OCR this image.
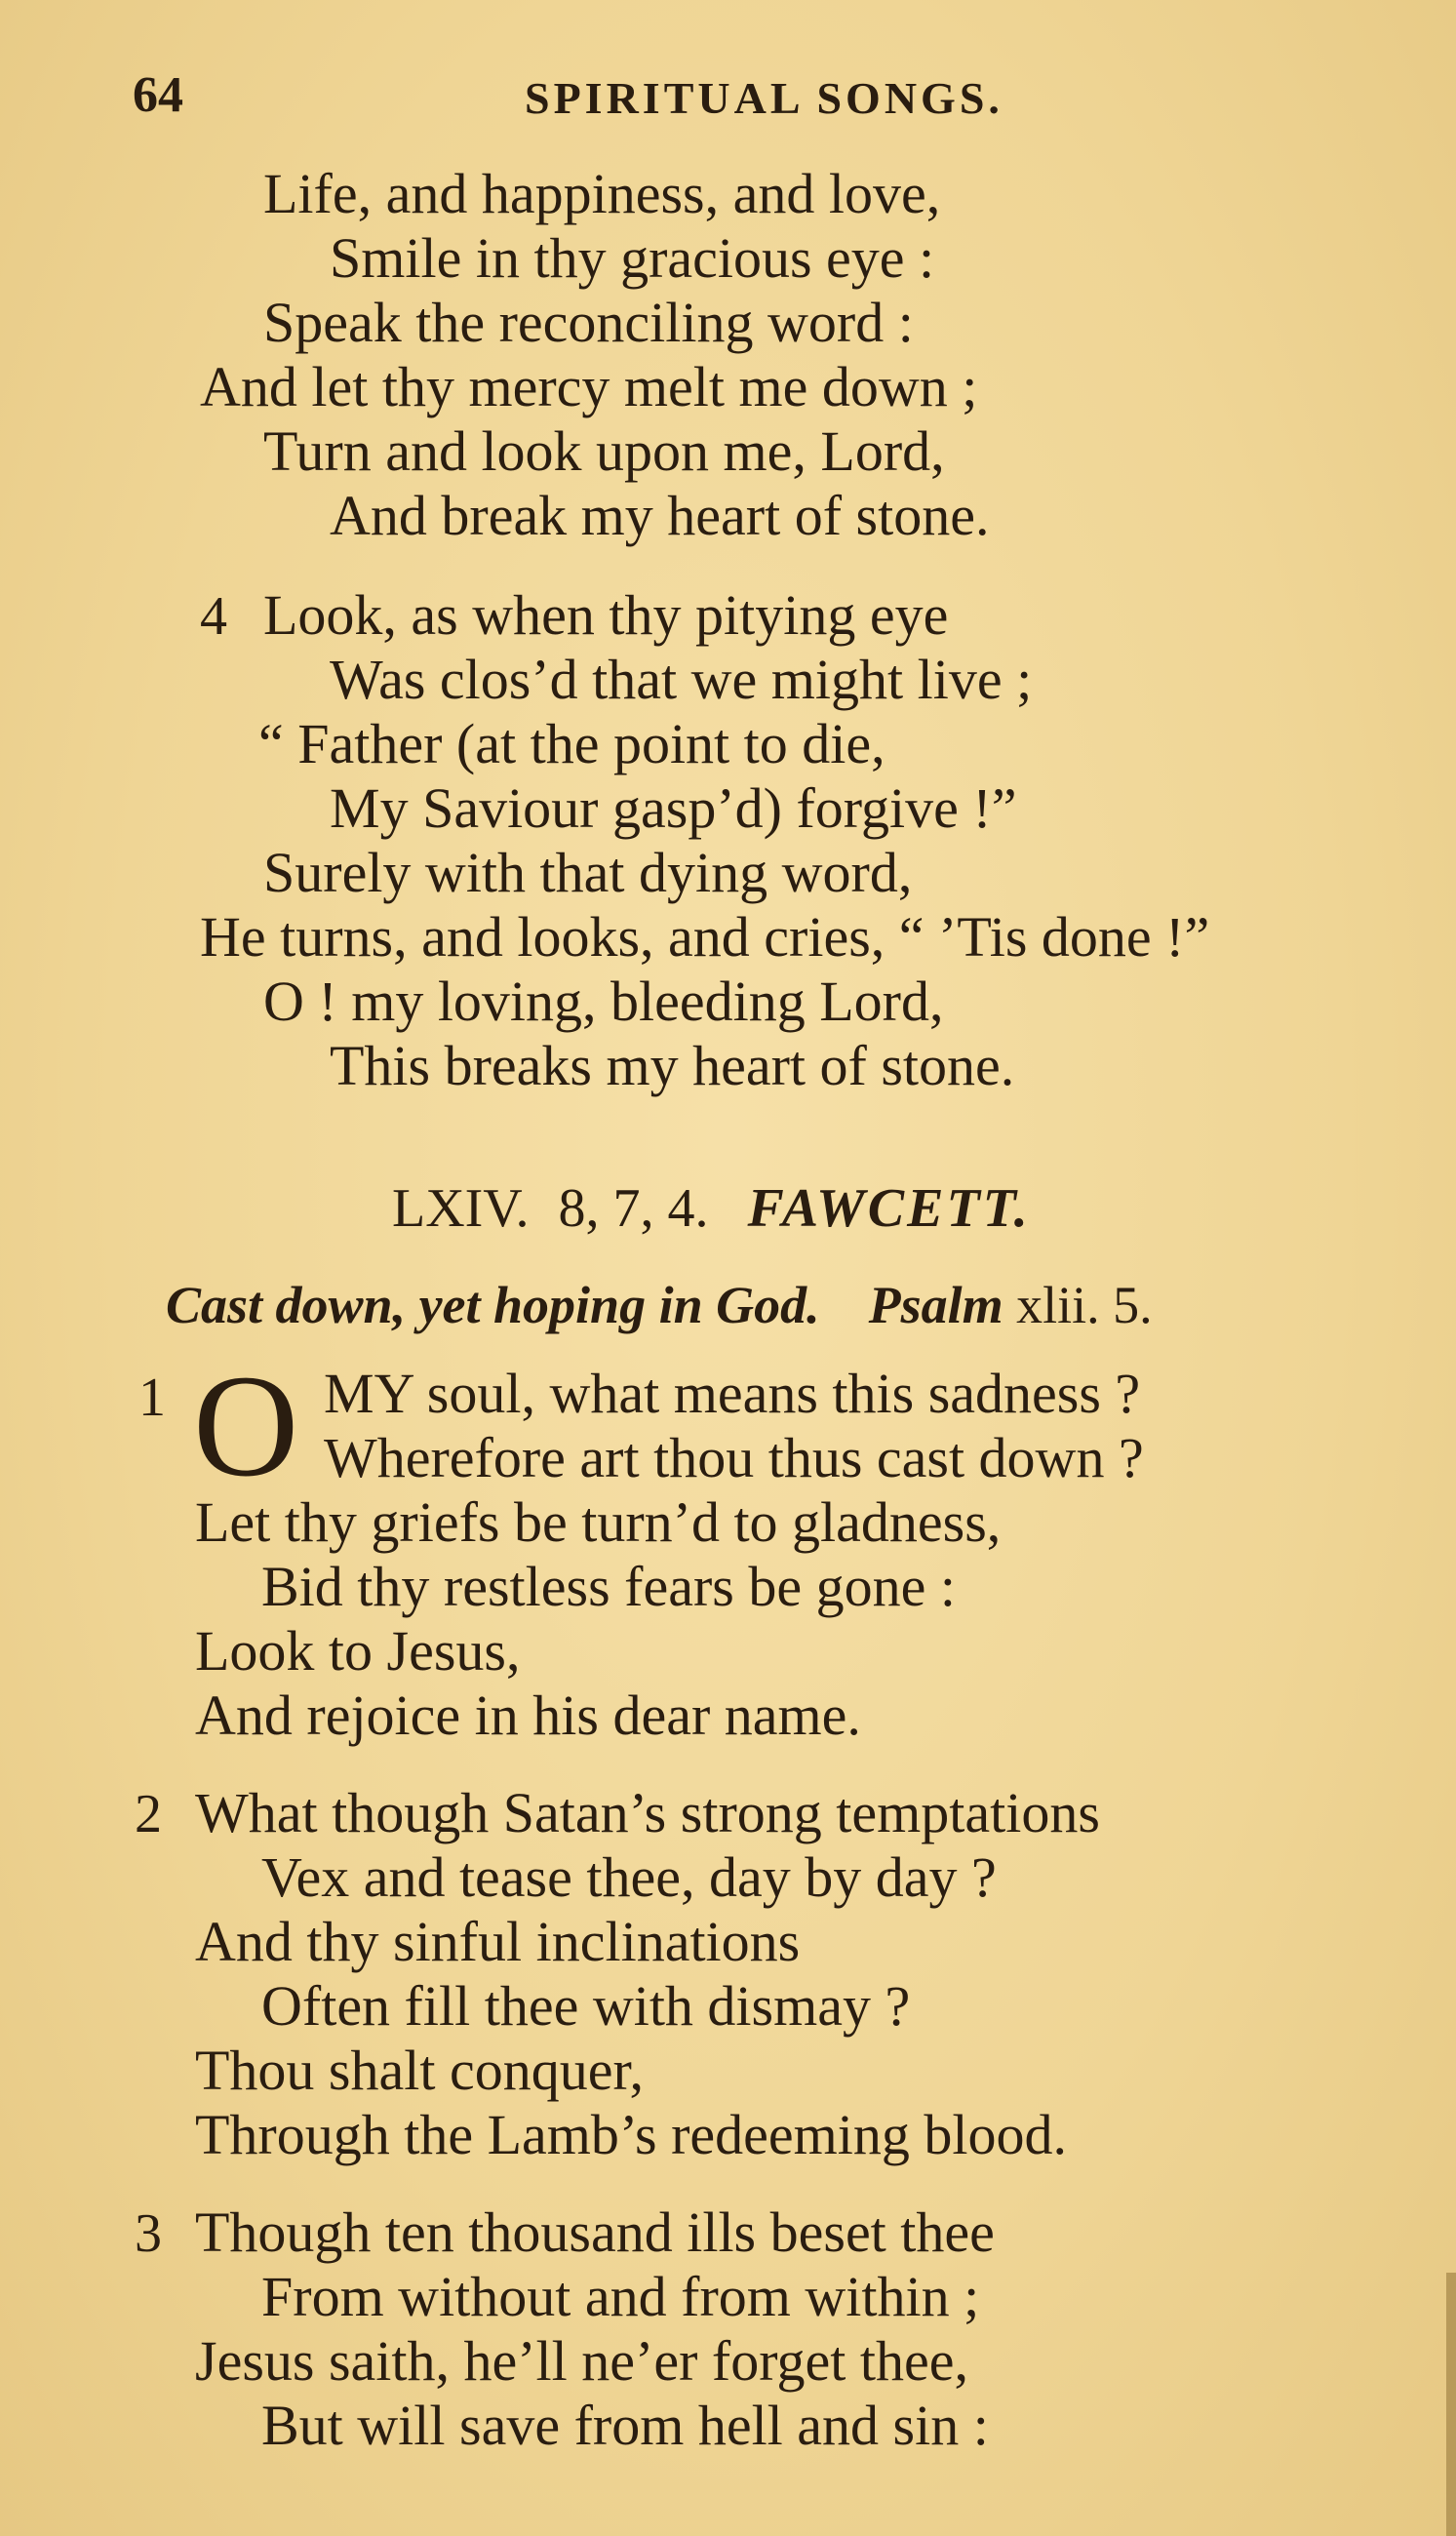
64	SPIRITUAL SONGS.
Life, and happiness, and love,
Smile in thy gracious eye :
Speak the reconciling word :
And let thy mercy melt me down ;
Turn and look upon me, Lord,
And break my heart of stone.
4 Look, as when thy pitying eye
Was clos’d that we might live ;
“ Father (at the point to die,
My Saviour gasp’d) forgive !”
Surely with that dying word,
He turns, and looks, and cries, “ ’Tis done !”
O ! my loving, bleeding Lord,
This breaks my heart of stone.
LXIV. 8, 7, 4. FAWCETT.
Cast down, yet hoping in God. Psalm xlii. 5.
1 O MY soul, what means this sadness ?
Wherefore art thou thus cast down ?
Let thy griefs be turn’d to gladness,
Bid thy restless fears be gone :
Look to Jesus,
And rejoice in his dear name.
2 What though Satan’s strong temptations
Vex and tease thee, day by day ?
And thy sinful inclinations
Often fill thee with dismay ?
Thou shalt conquer,
Through the Lamb’s redeeming blood.
3 Though ten thousand ills beset thee
From without and from within ;
Jesus saith, he’ll ne’er forget thee,
But will save from hell and sin :
